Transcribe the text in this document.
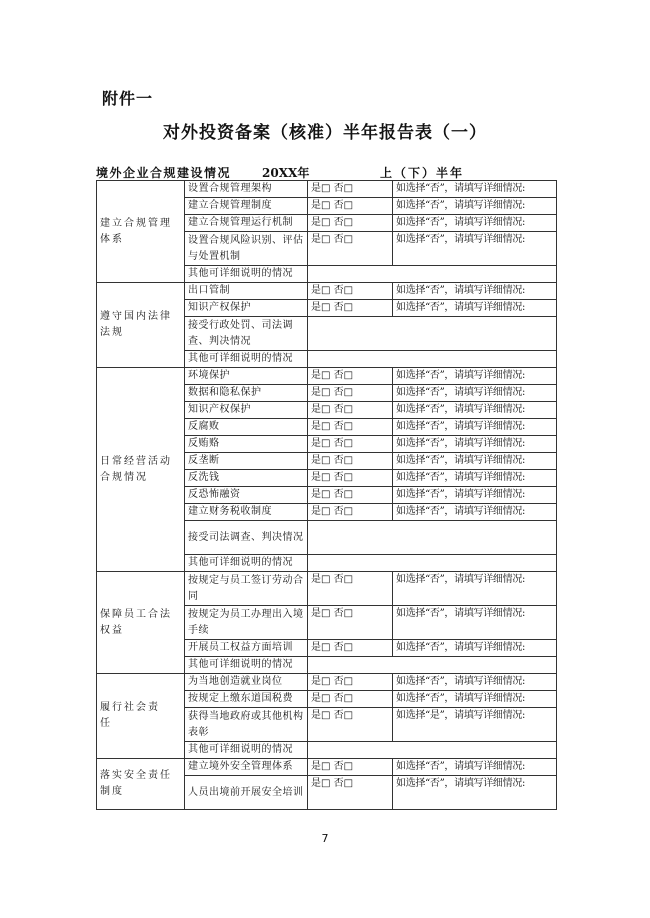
附件一
对外投资备案（核准）半年报告表（一）
境外企业合规建设情况	20XX年	上（下）半年
建立合规管理体系	设置合规管理架构	是□ 否□	如选择“否”，请填写详细情况:
	建立合规管理制度	是□ 否□	如选择“否”，请填写详细情况:
	建立合规管理运行机制	是□ 否□	如选择“否”，请填写详细情况:
	设置合规风险识别、评估与处置机制	是□ 否□	如选择“否”，请填写详细情况:
	其他可详细说明的情况		

遵守国内法律法规	出口管制	是□ 否□	如选择“否”，请填写详细情况:
	知识产权保护	是□ 否□	如选择“否”，请填写详细情况:
	接受行政处罚、司法调查、判决情况		
	其他可详细说明的情况		

日常经营活动合规情况	环境保护	是□ 否□	如选择“否”，请填写详细情况:
	数据和隐私保护	是□ 否□	如选择“否”，请填写详细情况:
	知识产权保护	是□ 否□	如选择“否”，请填写详细情况:
	反腐败	是□ 否□	如选择“否”，请填写详细情况:
	反贿赂	是□ 否□	如选择“否”，请填写详细情况:
	反垄断	是□ 否□	如选择“否”，请填写详细情况:
	反洗钱	是□ 否□	如选择“否”，请填写详细情况:
	反恐怖融资	是□ 否□	如选择“否”，请填写详细情况:
	建立财务税收制度	是□ 否□	如选择“否”，请填写详细情况:
	接受司法调查、判决情况		
	其他可详细说明的情况		

保障员工合法权益	按规定与员工签订劳动合同	是□ 否□	如选择“否”，请填写详细情况:
	按规定为员工办理出入境手续	是□ 否□	如选择“否”，请填写详细情况:
	开展员工权益方面培训	是□ 否□	如选择“否”，请填写详细情况:
	其他可详细说明的情况		

履行社会责任	为当地创造就业岗位	是□ 否□	如选择“否”，请填写详细情况:
	按规定上缴东道国税费	是□ 否□	如选择“否”，请填写详细情况:
	获得当地政府或其他机构表彰	是□ 否□	如选择“是”，请填写详细情况:
	其他可详细说明的情况		

落实安全责任制度	建立境外安全管理体系	是□ 否□	如选择“否”，请填写详细情况:
	人员出境前开展安全培训	是□ 否□	如选择“否”，请填写详细情况:
7
